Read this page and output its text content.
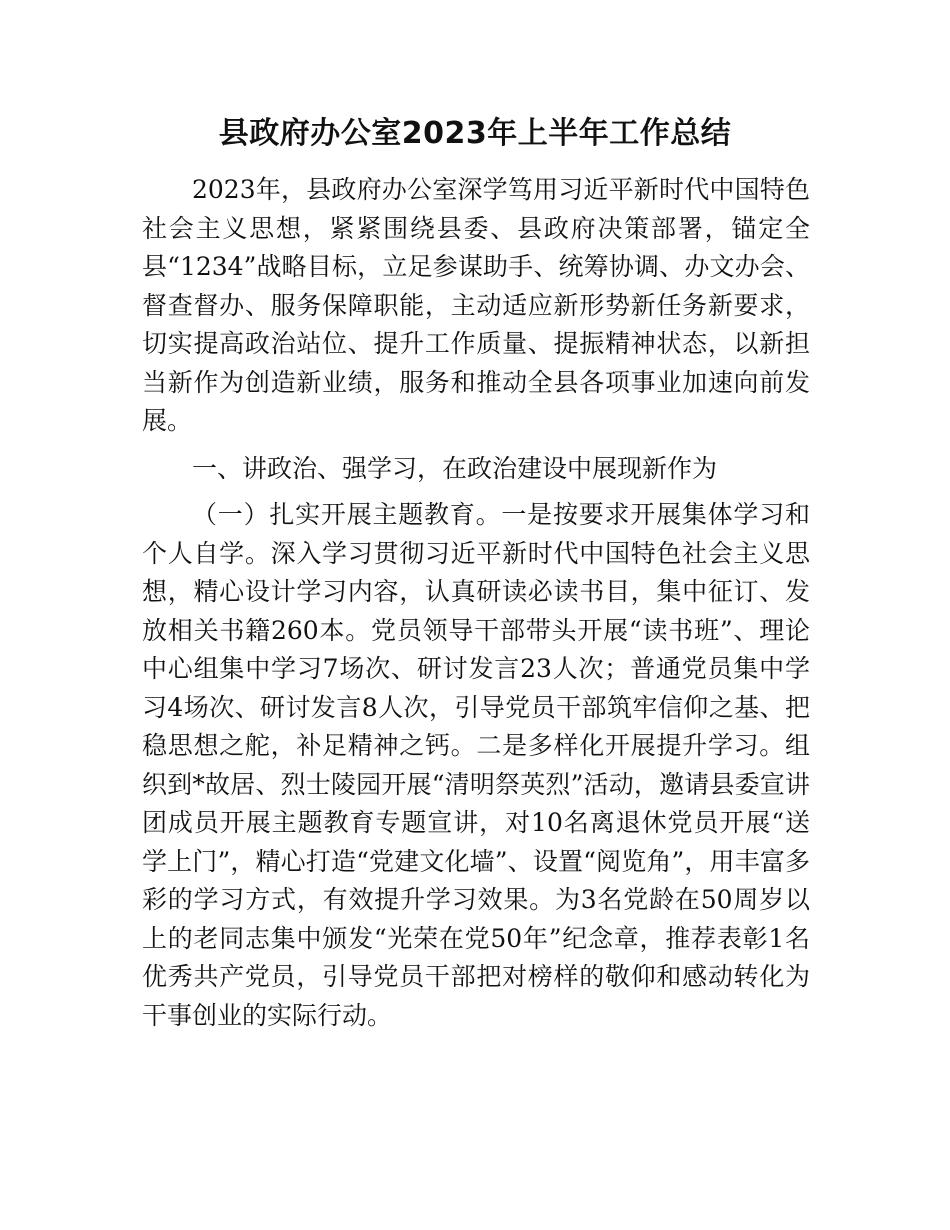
县政府办公室2023年上半年工作总结

2023年，县政府办公室深学笃用习近平新时代中国特色社会主义思想，紧紧围绕县委、县政府决策部署，锚定全县“1234”战略目标，立足参谋助手、统筹协调、办文办会、督查督办、服务保障职能，主动适应新形势新任务新要求，切实提高政治站位、提升工作质量、提振精神状态，以新担当新作为创造新业绩，服务和推动全县各项事业加速向前发展。

一、讲政治、强学习，在政治建设中展现新作为

（一）扎实开展主题教育。一是按要求开展集体学习和个人自学。深入学习贯彻习近平新时代中国特色社会主义思想，精心设计学习内容，认真研读必读书目，集中征订、发放相关书籍260本。党员领导干部带头开展“读书班”、理论中心组集中学习7场次、研讨发言23人次；普通党员集中学习4场次、研讨发言8人次，引导党员干部筑牢信仰之基、把稳思想之舵，补足精神之钙。二是多样化开展提升学习。组织到*故居、烈士陵园开展“清明祭英烈”活动，邀请县委宣讲团成员开展主题教育专题宣讲，对10名离退休党员开展“送学上门”，精心打造“党建文化墙”、设置“阅览角”，用丰富多彩的学习方式，有效提升学习效果。为3名党龄在50周岁以上的老同志集中颁发“光荣在党50年”纪念章，推荐表彰1名优秀共产党员，引导党员干部把对榜样的敬仰和感动转化为干事创业的实际行动。
